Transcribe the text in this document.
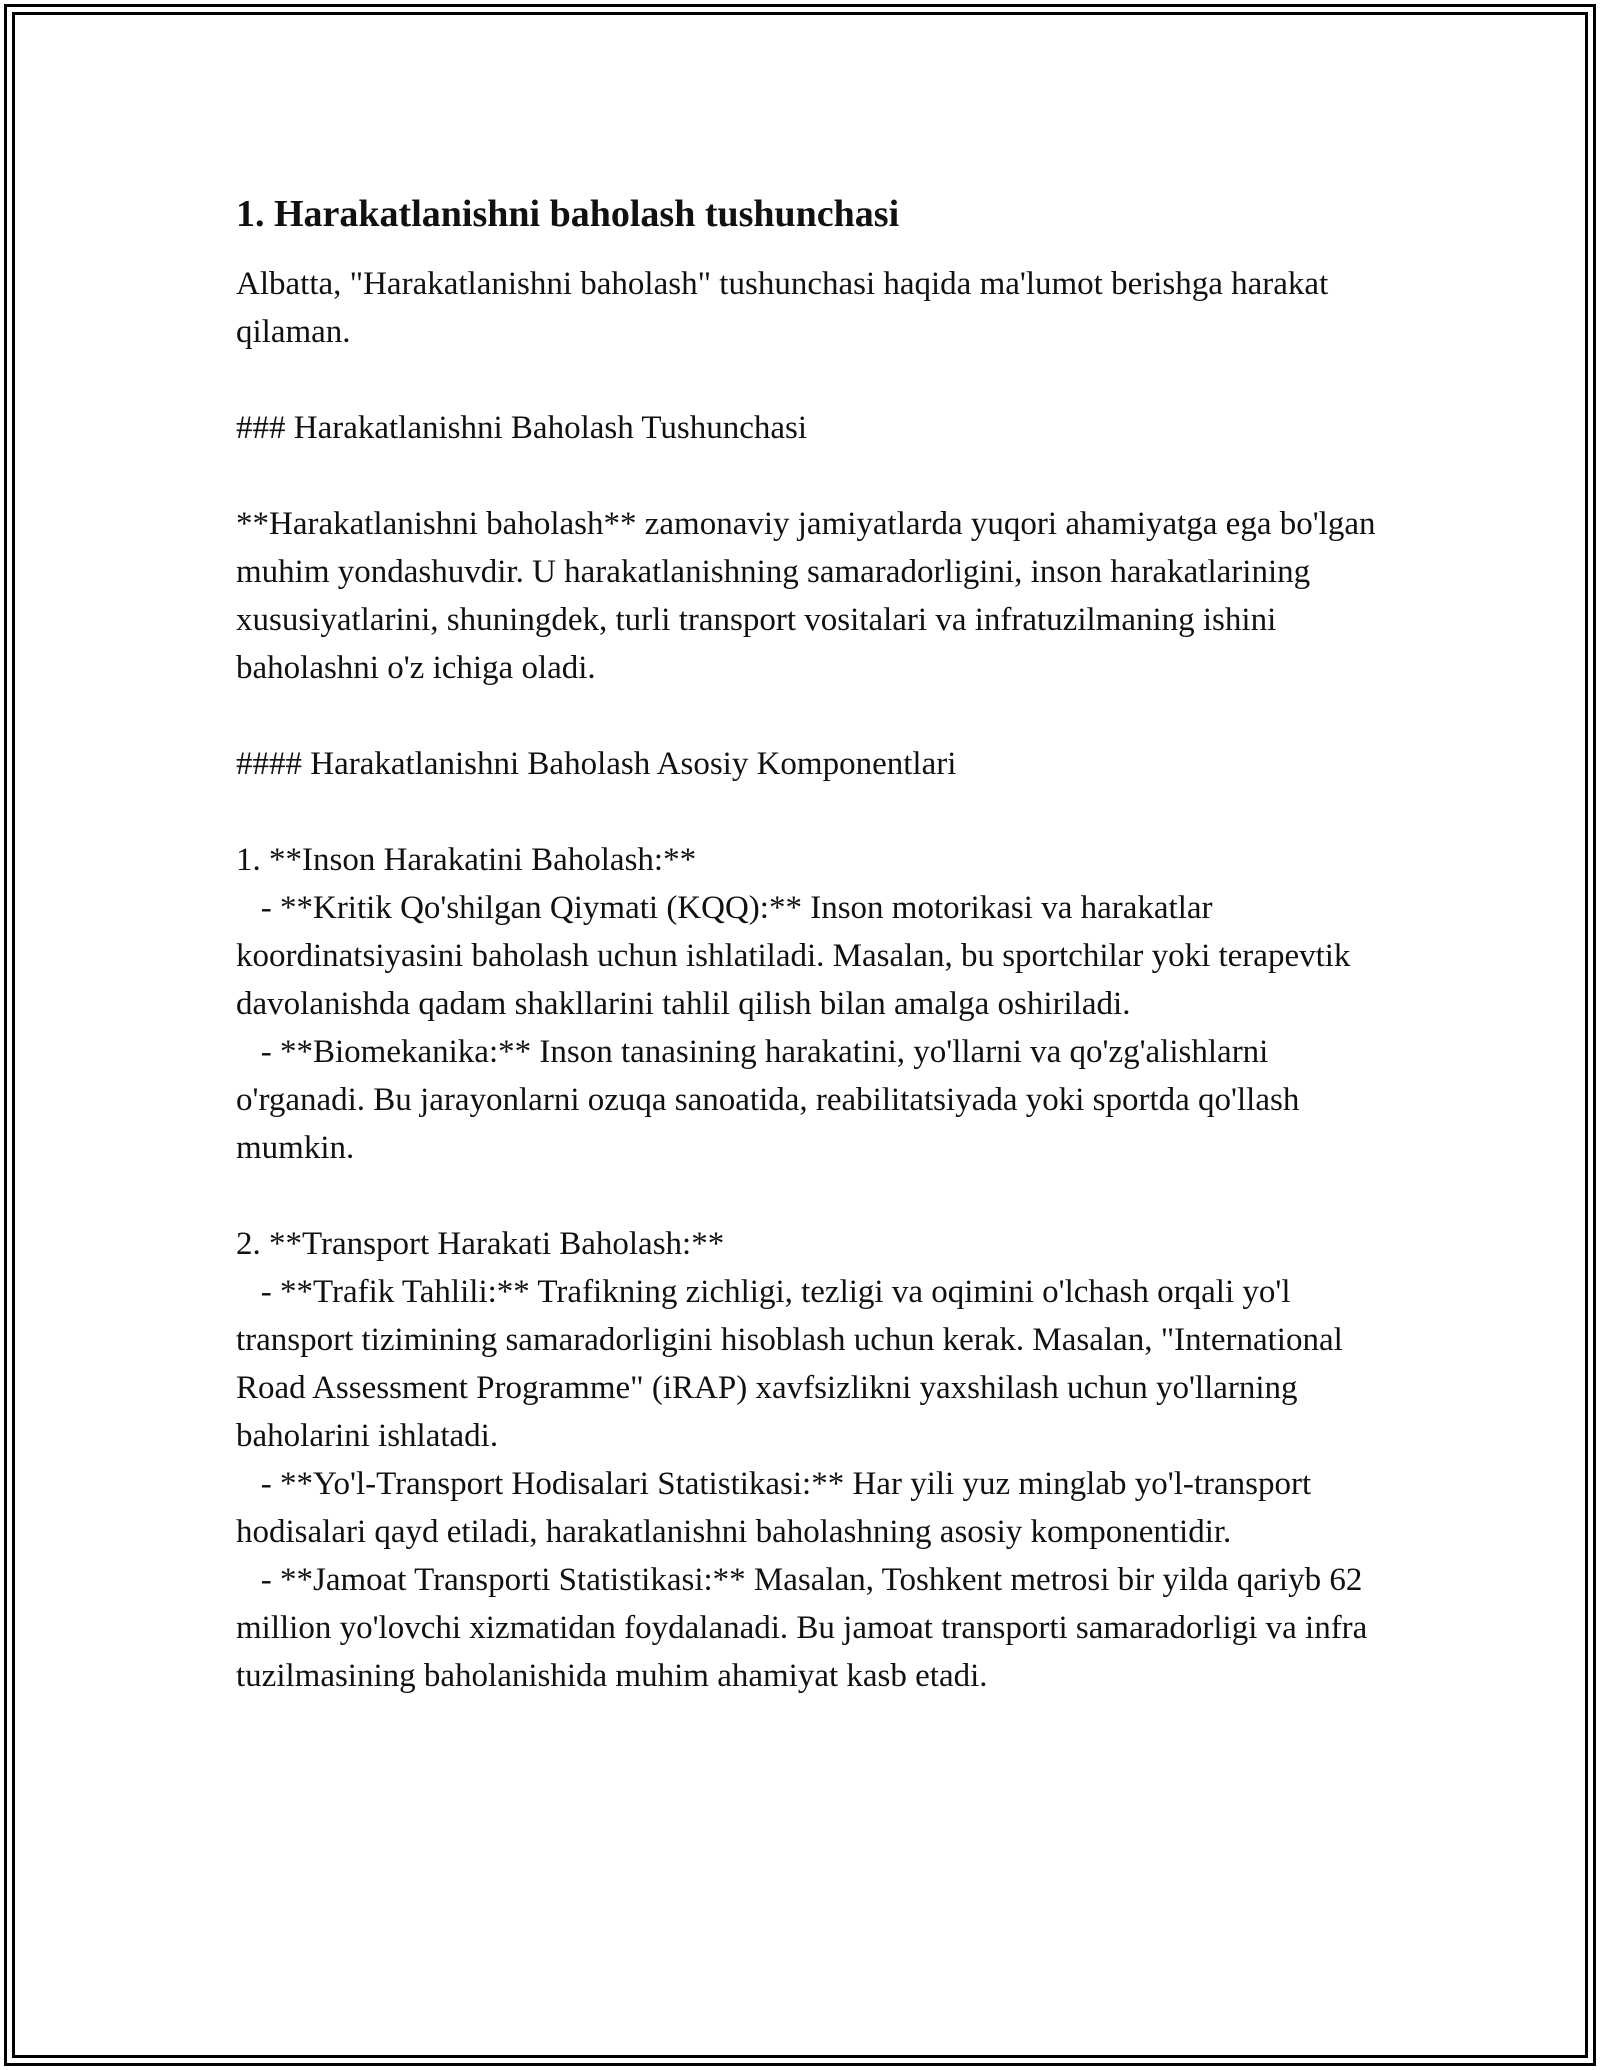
1. Harakatlanishni baholash tushunchasi

Albatta, "Harakatlanishni baholash" tushunchasi haqida ma'lumot berishga harakat qilaman.

### Harakatlanishni Baholash Tushunchasi

**Harakatlanishni baholash** zamonaviy jamiyatlarda yuqori ahamiyatga ega bo'lgan muhim yondashuvdir. U harakatlanishning samaradorligini, inson harakatlarining xususiyatlarini, shuningdek, turli transport vositalari va infratuzilmaning ishini baholashni o'z ichiga oladi.

#### Harakatlanishni Baholash Asosiy Komponentlari

1. **Inson Harakatini Baholash:**

- **Kritik Qo'shilgan Qiymati (KQQ):** Inson motorikasi va harakatlar koordinatsiyasini baholash uchun ishlatiladi. Masalan, bu sportchilar yoki terapevtik davolanishda qadam shakllarini tahlil qilish bilan amalga oshiriladi.

- **Biomekanika:** Inson tanasining harakatini, yo'llarni va qo'zg'alishlarni o'rganadi. Bu jarayonlarni ozuqa sanoatida, reabilitatsiyada yoki sportda qo'llash mumkin.

2. **Transport Harakati Baholash:**

- **Trafik Tahlili:** Trafikning zichligi, tezligi va oqimini o'lchash orqali yo'l transport tizimining samaradorligini hisoblash uchun kerak. Masalan, "International Road Assessment Programme" (iRAP) xavfsizlikni yaxshilash uchun yo'llarning baholarini ishlatadi.

- **Yo'l-Transport Hodisalari Statistikasi:** Har yili yuz minglab yo'l-transport hodisalari qayd etiladi, harakatlanishni baholashning asosiy komponentidir.

- **Jamoat Transporti Statistikasi:** Masalan, Toshkent metrosi bir yilda qariyb 62 million yo'lovchi xizmatidan foydalanadi. Bu jamoat transporti samaradorligi va infra tuzilmasining baholanishida muhim ahamiyat kasb etadi.
